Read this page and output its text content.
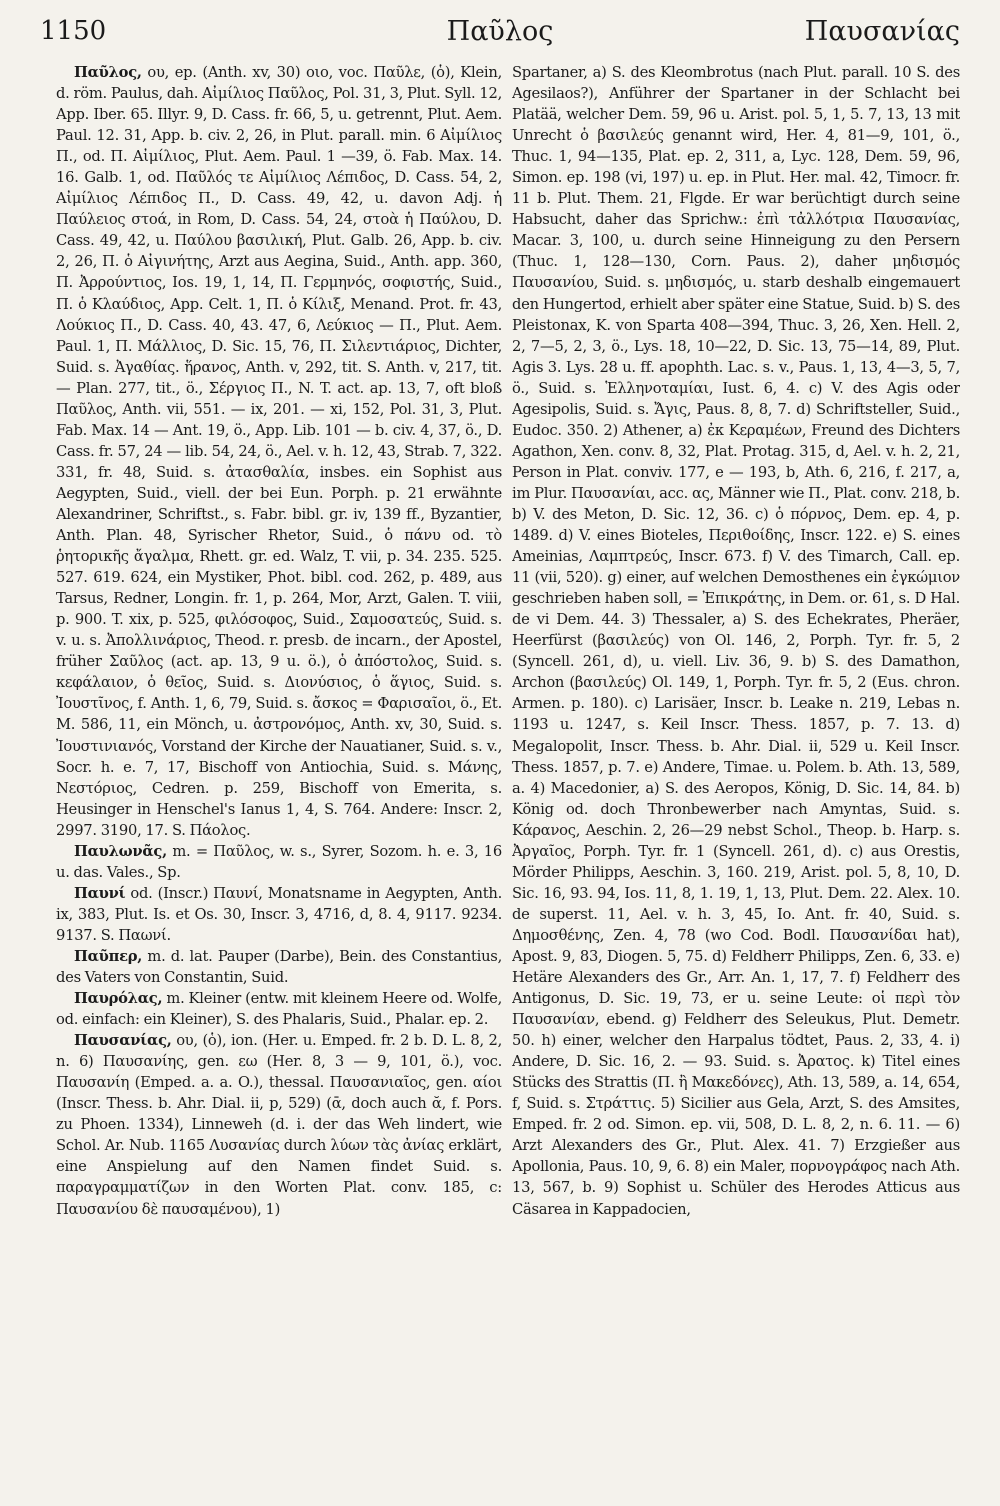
1150	Παῦλος	Παυσανίας

Παῦλος, ου, ep. (Anth. xv, 30) οιο, voc. Παῦλε, (ὁ), Klein, d. röm. Paulus, dah. Αἰμίλιος Παῦλος, Pol. 31, 3, Plut. Syll. 12, App. Iber. 65. Illyr. 9, D. Cass. fr. 66, 5, u. getrennt, Plut. Aem. Paul. 12. 31, App. b. civ. 2, 26, in Plut. parall. min. 6 Αἰμίλιος Π., od. Π. Αἰμίλιος, Plut. Aem. Paul. 1 —39, ö. Fab. Max. 14. 16. Galb. 1, od. Παῦλός τε Αἰμίλιος Λέπιδος, D. Cass. 54, 2, Αἰμίλιος Λέπιδος Π., D. Cass. 49, 42, u. davon Adj. ἡ Παύλειος στοά, in Rom, D. Cass. 54, 24, στοὰ ἡ Παύλου, D. Cass. 49, 42, u. Παύλου βασιλική, Plut. Galb. 26, App. b. civ. 2, 26, Π. ὁ Αἰγινήτης, Arzt aus Aegina, Suid., Anth. app. 360, Π. Ἀρρούντιος, Ios. 19, 1, 14, Π. Γερμηνός, σοφιστής, Suid., Π. ὁ Κλαύδιος, App. Celt. 1, Π. ὁ Κίλιξ, Menand. Prot. fr. 43, Λούκιος Π., D. Cass. 40, 43. 47, 6, Λεύκιος — Π., Plut. Aem. Paul. 1, Π. Μάλλιος, D. Sic. 15, 76, Π. Σιλεντιάριος, Dichter, Suid. s. Ἀγαθίας. ἥρανος, Anth. v, 292, tit. S. Anth. v, 217, tit. — Plan. 277, tit., ö., Σέργιος Π., N. T. act. ap. 13, 7, oft bloß Παῦλος, Anth. vii, 551. — ix, 201. — xi, 152, Pol. 31, 3, Plut. Fab. Max. 14 — Ant. 19, ö., App. Lib. 101 — b. civ. 4, 37, ö., D. Cass. fr. 57, 24 — lib. 54, 24, ö., Ael. v. h. 12, 43, Strab. 7, 322. 331, fr. 48, Suid. s. ἀτασθαλία, insbes. ein Sophist aus Aegypten, Suid., viell. der bei Eun. Porph. p. 21 erwähnte Alexandriner, Schriftst., s. Fabr. bibl. gr. iv, 139 ff., Byzantier, Anth. Plan. 48, Syrischer Rhetor, Suid., ὁ πάνυ od. τὸ ῥητορικῆς ἄγαλμα, Rhett. gr. ed. Walz, T. vii, p. 34. 235. 525. 527. 619. 624, ein Mystiker, Phot. bibl. cod. 262, p. 489, aus Tarsus, Redner, Longin. fr. 1, p. 264, Mor, Arzt, Galen. T. viii, p. 900. T. xix, p. 525, φιλόσοφος, Suid., Σαμοσατεύς, Suid. s. v. u. s. Ἀπολλινάριος, Theod. r. presb. de incarn., der Apostel, früher Σαῦλος (act. ap. 13, 9 u. ö.), ὁ ἀπόστολος, Suid. s. κεφάλαιον, ὁ θεῖος, Suid. s. Διονύσιος, ὁ ἅγιος, Suid. s. Ἰουστῖνος, f. Anth. 1, 6, 79, Suid. s. ἄσκος = Φαρισαῖοι, ö., Et. M. 586, 11, ein Mönch, u. ἀστρονόμος, Anth. xv, 30, Suid. s. Ἰουστινιανός, Vorstand der Kirche der Nauatianer, Suid. s. v., Socr. h. e. 7, 17, Bischoff von Antiochia, Suid. s. Μάνης, Νεστόριος, Cedren. p. 259, Bischoff von Emerita, s. Heusinger in Henschel's Ianus 1, 4, S. 764. Andere: Inscr. 2, 2997. 3190, 17. S. Πάολος.

Παυλωνᾶς, m. = Παῦλος, w. s., Syrer, Sozom. h. e. 3, 16 u. das. Vales., Sp.

Παυνί od. (Inscr.) Παυνί, Monatsname in Aegypten, Anth. ix, 383, Plut. Is. et Os. 30, Inscr. 3, 4716, d, 8. 4, 9117. 9234. 9137. S. Παωνί.

Παῦπερ, m. d. lat. Pauper (Darbe), Bein. des Constantius, des Vaters von Constantin, Suid.

Παυρόλας, m. Kleiner (entw. mit kleinem Heere od. Wolfe, od. einfach: ein Kleiner), S. des Phalaris, Suid., Phalar. ep. 2.

Παυσανίας, ου, (ὁ), ion. (Her. u. Emped. fr. 2 b. D. L. 8, 2, n. 6) Παυσανίης, gen. εω (Her. 8, 3 — 9, 101, ö.), voc. Παυσανίη (Emped. a. a. O.), thessal. Παυσανιαῖος, gen. αίοι (Inscr. Thess. b. Ahr. Dial. ii, p, 529) (ᾱ, doch auch ᾰ, f. Pors. zu Phoen. 1334), Linneweh (d. i. der das Weh lindert, wie Schol. Ar. Nub. 1165 Λυσανίας durch λύων τὰς ἀνίας erklärt, eine Anspielung auf den Namen findet Suid. s. παραγραμματίζων in den Worten Plat. conv. 185, c: Παυσανίου δὲ παυσαμένου), 1)

Spartaner, a) S. des Kleombrotus (nach Plut. parall. 10 S. des Agesilaos?), Anführer der Spartaner in der Schlacht bei Platää, welcher Dem. 59, 96 u. Arist. pol. 5, 1, 5. 7, 13, 13 mit Unrecht ὁ βασιλεύς genannt wird, Her. 4, 81—9, 101, ö., Thuc. 1, 94—135, Plat. ep. 2, 311, a, Lyc. 128, Dem. 59, 96, Simon. ep. 198 (vi, 197) u. ep. in Plut. Her. mal. 42, Timocr. fr. 11 b. Plut. Them. 21, Flgde. Er war berüchtigt durch seine Habsucht, daher das Sprichw.: ἐπὶ τἀλλότρια Παυσανίας, Macar. 3, 100, u. durch seine Hinneigung zu den Persern (Thuc. 1, 128—130, Corn. Paus. 2), daher μηδισμός Παυσανίου, Suid. s. μηδισμός, u. starb deshalb eingemauert den Hungertod, erhielt aber später eine Statue, Suid. b) S. des Pleistonax, K. von Sparta 408—394, Thuc. 3, 26, Xen. Hell. 2, 2, 7—5, 2, 3, ö., Lys. 18, 10—22, D. Sic. 13, 75—14, 89, Plut. Agis 3. Lys. 28 u. ff. apophth. Lac. s. v., Paus. 1, 13, 4—3, 5, 7, ö., Suid. s. Ἑλληνοταμίαι, Iust. 6, 4. c) V. des Agis oder Agesipolis, Suid. s. Ἄγις, Paus. 8, 8, 7. d) Schriftsteller, Suid., Eudoc. 350. 2) Athener, a) ἐκ Κεραμέων, Freund des Dichters Agathon, Xen. conv. 8, 32, Plat. Protag. 315, d, Ael. v. h. 2, 21, Person in Plat. conviv. 177, e — 193, b, Ath. 6, 216, f. 217, a, im Plur. Παυσανίαι, acc. ας, Männer wie Π., Plat. conv. 218, b. b) V. des Meton, D. Sic. 12, 36. c) ὁ πόρνος, Dem. ep. 4, p. 1489. d) V. eines Bioteles, Περιθοίδης, Inscr. 122. e) S. eines Ameinias, Λαμπτρεύς, Inscr. 673. f) V. des Timarch, Call. ep. 11 (vii, 520). g) einer, auf welchen Demosthenes ein ἐγκώμιον geschrieben haben soll, = Ἐπικράτης, in Dem. or. 61, s. D Hal. de vi Dem. 44. 3) Thessaler, a) S. des Echekrates, Pheräer, Heerfürst (βασιλεύς) von Ol. 146, 2, Porph. Tyr. fr. 5, 2 (Syncell. 261, d), u. viell. Liv. 36, 9. b) S. des Damathon, Archon (βασιλεύς) Ol. 149, 1, Porph. Tyr. fr. 5, 2 (Eus. chron. Armen. p. 180). c) Larisäer, Inscr. b. Leake n. 219, Lebas n. 1193 u. 1247, s. Keil Inscr. Thess. 1857, p. 7. 13. d) Megalopolit, Inscr. Thess. b. Ahr. Dial. ii, 529 u. Keil Inscr. Thess. 1857, p. 7. e) Andere, Timae. u. Polem. b. Ath. 13, 589, a. 4) Macedonier, a) S. des Aeropos, König, D. Sic. 14, 84. b) König od. doch Thronbewerber nach Amyntas, Suid. s. Κάρανος, Aeschin. 2, 26—29 nebst Schol., Theop. b. Harp. s. Ἀργαῖος, Porph. Tyr. fr. 1 (Syncell. 261, d). c) aus Orestis, Mörder Philipps, Aeschin. 3, 160. 219, Arist. pol. 5, 8, 10, D. Sic. 16, 93. 94, Ios. 11, 8, 1. 19, 1, 13, Plut. Dem. 22. Alex. 10. de superst. 11, Ael. v. h. 3, 45, Io. Ant. fr. 40, Suid. s. Δημοσθένης, Zen. 4, 78 (wo Cod. Bodl. Παυσανίδαι hat), Apost. 9, 83, Diogen. 5, 75. d) Feldherr Philipps, Zen. 6, 33. e) Hetäre Alexanders des Gr., Arr. An. 1, 17, 7. f) Feldherr des Antigonus, D. Sic. 19, 73, er u. seine Leute: οἱ περὶ τὸν Παυσανίαν, ebend. g) Feldherr des Seleukus, Plut. Demetr. 50. h) einer, welcher den Harpalus tödtet, Paus. 2, 33, 4. i) Andere, D. Sic. 16, 2. — 93. Suid. s. Ἀρατος. k) Titel eines Stücks des Strattis (Π. ἢ Μακεδόνες), Ath. 13, 589, a. 14, 654, f, Suid. s. Στράττις. 5) Sicilier aus Gela, Arzt, S. des Amsites, Emped. fr. 2 od. Simon. ep. vii, 508, D. L. 8, 2, n. 6. 11. — 6) Arzt Alexanders des Gr., Plut. Alex. 41. 7) Erzgießer aus Apollonia, Paus. 10, 9, 6. 8) ein Maler, πορνογράφος nach Ath. 13, 567, b. 9) Sophist u. Schüler des Herodes Atticus aus Cäsarea in Kappadocien,
